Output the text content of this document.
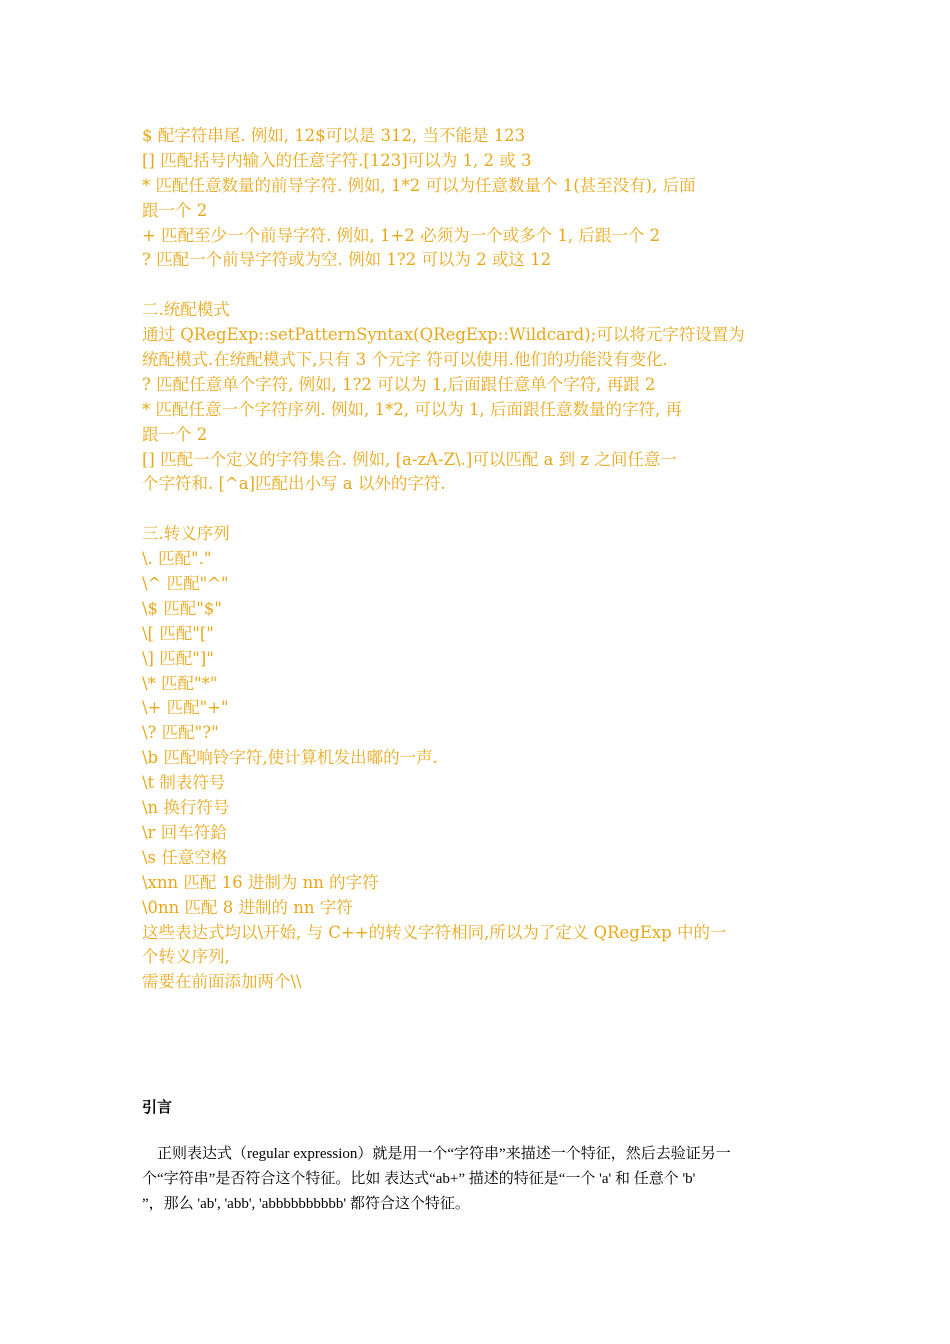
$ 配字符串尾. 例如, 12$可以是 312, 当不能是 123
[] 匹配括号内输入的任意字符.[123]可以为 1, 2 或 3
* 匹配任意数量的前导字符. 例如, 1*2 可以为任意数量个 1(甚至没有), 后面
跟一个 2
+ 匹配至少一个前导字符. 例如, 1+2 必须为一个或多个 1, 后跟一个 2
? 匹配一个前导字符或为空. 例如 1?2 可以为 2 或这 12
二.统配模式
通过 QRegExp::setPatternSyntax(QRegExp::Wildcard);可以将元字符设置为
统配模式.在统配模式下,只有 3 个元字 符可以使用.他们的功能没有变化.
? 匹配任意单个字符, 例如, 1?2 可以为 1,后面跟任意单个字符, 再跟 2
* 匹配任意一个字符序列. 例如, 1*2, 可以为 1, 后面跟任意数量的字符, 再
跟一个 2
[] 匹配一个定义的字符集合. 例如, [a-zA-Z\.]可以匹配 a 到 z 之间任意一
个字符和. [^a]匹配出小写 a 以外的字符.
三.转义序列
\. 匹配"."
\^ 匹配"^"
\$ 匹配"$"
\[ 匹配"["
\] 匹配"]"
\* 匹配"*"
\+ 匹配"+"
\? 匹配"?"
\b 匹配响铃字符,使计算机发出嘟的一声.
\t 制表符号
\n 换行符号
\r 回车符鉿
\s 任意空格
\xnn 匹配 16 进制为 nn 的字符
\0nn 匹配 8 进制的 nn 字符
这些表达式均以\开始, 与 C++的转义字符相同,所以为了定义 QRegExp 中的一
个转义序列,
需要在前面添加两个\\
引言
正则表达式（regular expression）就是用一个“字符串”来描述一个特征，然后去验证另一
个“字符串”是否符合这个特征。比如 表达式“ab+” 描述的特征是“一个 'a' 和 任意个 'b'
”，那么 'ab', 'abb', 'abbbbbbbbbb' 都符合这个特征。
